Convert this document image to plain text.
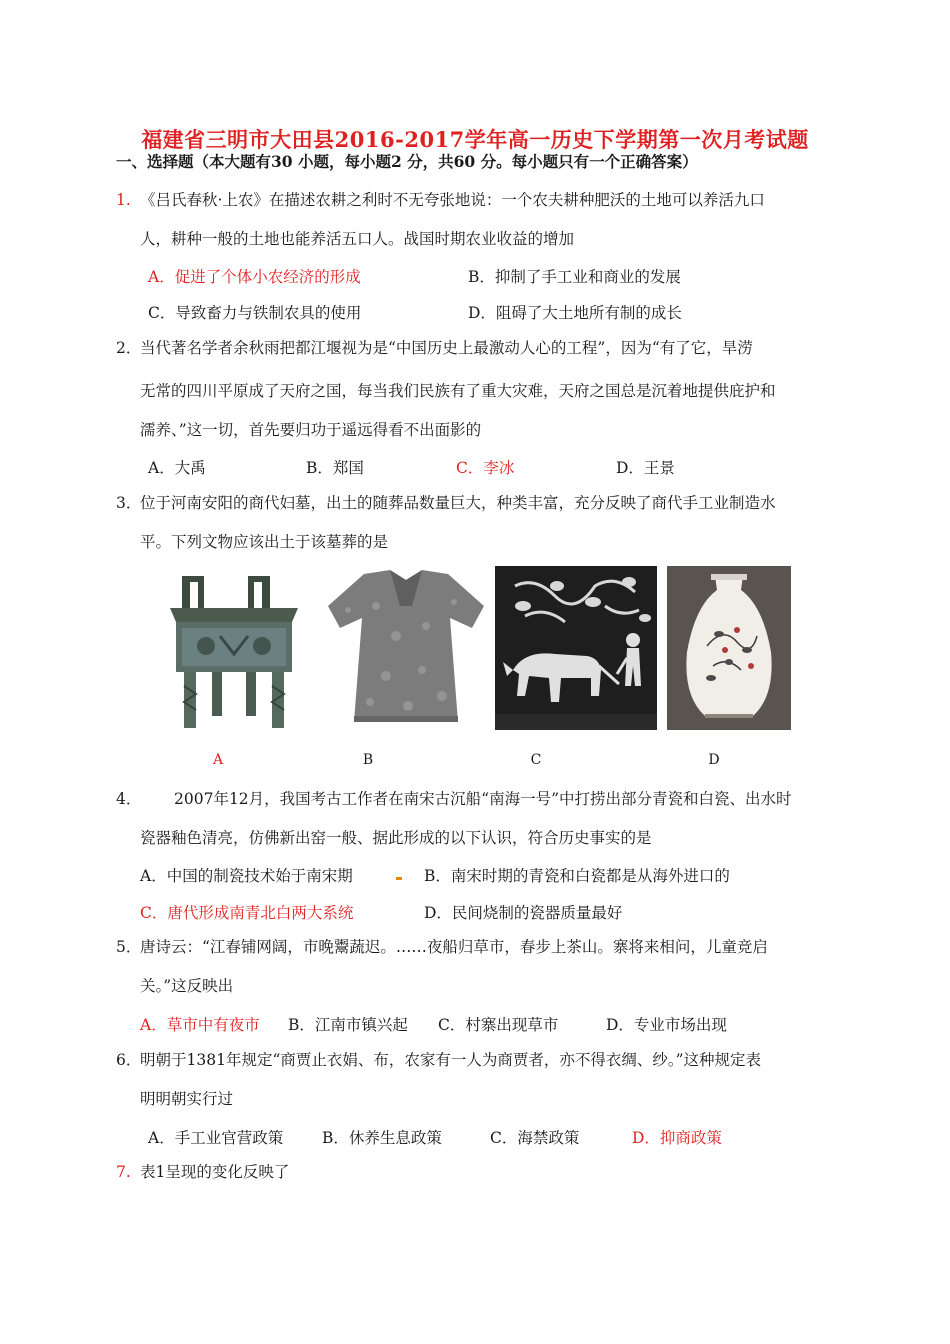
福建省三明市大田县2016-2017学年高一历史下学期第一次月考试题
一、选择题（本大题有30 小题，每小题2 分，共60 分。每小题只有一个正确答案）
1. 《吕氏春秋·上农》在描述农耕之利时不无夸张地说：一个农夫耕种肥沃的土地可以养活九口
人，耕种一般的土地也能养活五口人。战国时期农业收益的增加
A．促进了个体小农经济的形成	B．抑制了手工业和商业的发展
C．导致畜力与铁制农具的使用	D．阻碍了大土地所有制的成长
2．
当代著名学者余秋雨把都江堰视为是“中国历史上最激动人心的工程”，因为“有了它，旱涝
无常的四川平原成了天府之国，每当我们民族有了重大灾难，天府之国总是沉着地提供庇护和
濡养、”这一切，首先要归功于遥远得看不出面影的
A．大禹	B．郑国	C．李冰	D．王景
3．
位于河南安阳的商代妇墓，出土的随葬品数量巨大，种类丰富，充分反映了商代手工业制造水
平。下列文物应该出土于该墓葬的是
A	B	C	D
4． 2007年12月，我国考古工作者在南宋古沉船“南海一号”中打捞出部分青瓷和白瓷、出水时
瓷器釉色清亮，仿佛新出窑一般、据此形成的以下认识，符合历史事实的是
A．中国的制瓷技术始于南宋期	B．南宋时期的青瓷和白瓷都是从海外进口的
C．唐代形成南青北白两大系统	D．民间烧制的瓷器质量最好
5．
唐诗云：“江春铺网阔，市晚鬻蔬迟。……夜船归草市，春步上茶山。寨将来相问，儿童竞启
关。”这反映出
A．草市中有夜市 B．江南市镇兴起 C．村寨出现草市	D．专业市场出现
6．
明朝于1381年规定“商贾止衣娟、布，农家有一人为商贾者，亦不得衣绸、纱。”这种规定表
明明朝实行过
A．手工业官营政策	B．休养生息政策	C．海禁政策	D．抑商政策
7. 表1呈现的变化反映了
